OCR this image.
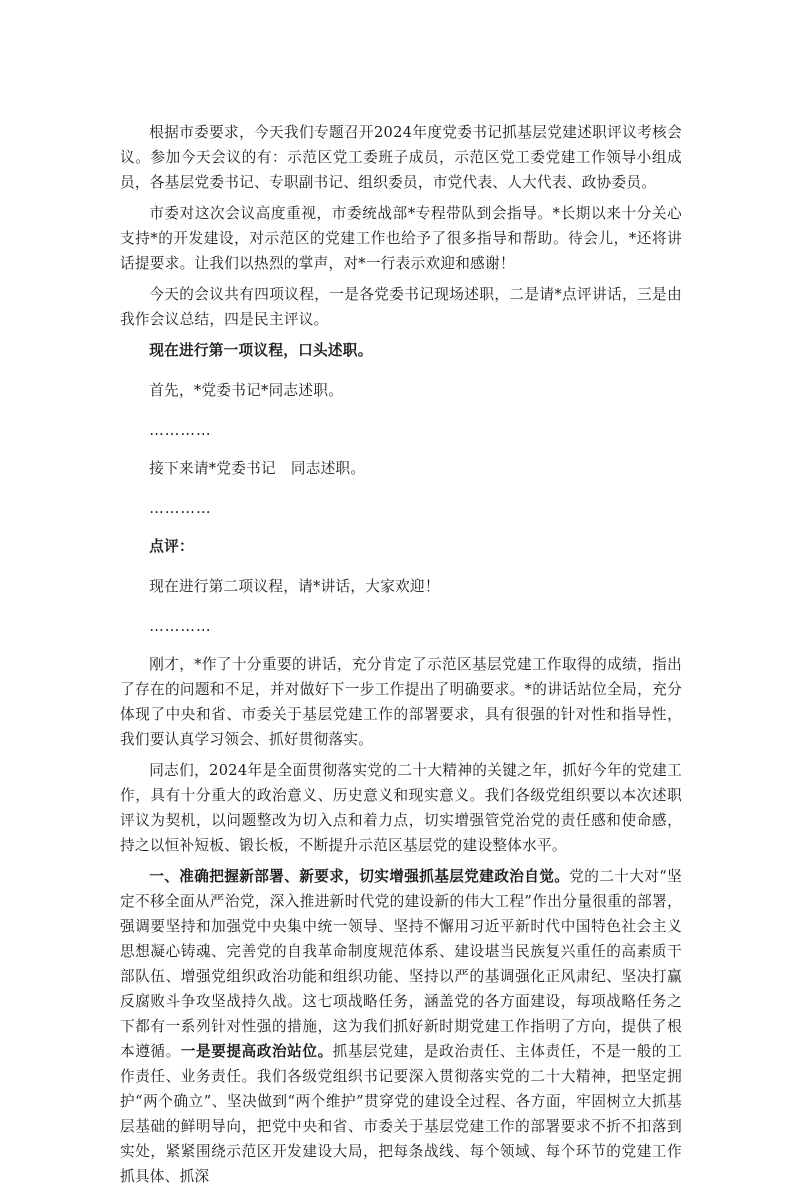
根据市委要求，今天我们专题召开2024年度党委书记抓基层党建述职评议考核会议。参加今天会议的有：示范区党工委班子成员，示范区党工委党建工作领导小组成员，各基层党委书记、专职副书记、组织委员，市党代表、人大代表、政协委员。

市委对这次会议高度重视，市委统战部*专程带队到会指导。*长期以来十分关心支持*的开发建设，对示范区的党建工作也给予了很多指导和帮助。待会儿，*还将讲话提要求。让我们以热烈的掌声，对*一行表示欢迎和感谢！

今天的会议共有四项议程，一是各党委书记现场述职，二是请*点评讲话，三是由我作会议总结，四是民主评议。

现在进行第一项议程，口头述职。

首先，*党委书记*同志述职。

…………

接下来请*党委书记　同志述职。

…………

点评：

现在进行第二项议程，请*讲话，大家欢迎！

…………

刚才，*作了十分重要的讲话，充分肯定了示范区基层党建工作取得的成绩，指出了存在的问题和不足，并对做好下一步工作提出了明确要求。*的讲话站位全局，充分体现了中央和省、市委关于基层党建工作的部署要求，具有很强的针对性和指导性，我们要认真学习领会、抓好贯彻落实。

同志们，2024年是全面贯彻落实党的二十大精神的关键之年，抓好今年的党建工作，具有十分重大的政治意义、历史意义和现实意义。我们各级党组织要以本次述职评议为契机，以问题整改为切入点和着力点，切实增强管党治党的责任感和使命感，持之以恒补短板、锻长板，不断提升示范区基层党的建设整体水平。

一、准确把握新部署、新要求，切实增强抓基层党建政治自觉。党的二十大对“坚定不移全面从严治党，深入推进新时代党的建设新的伟大工程”作出分量很重的部署，强调要坚持和加强党中央集中统一领导、坚持不懈用习近平新时代中国特色社会主义思想凝心铸魂、完善党的自我革命制度规范体系、建设堪当民族复兴重任的高素质干部队伍、增强党组织政治功能和组织功能、坚持以严的基调强化正风肃纪、坚决打赢反腐败斗争攻坚战持久战。这七项战略任务，涵盖党的各方面建设，每项战略任务之下都有一系列针对性强的措施，这为我们抓好新时期党建工作指明了方向，提供了根本遵循。一是要提高政治站位。抓基层党建，是政治责任、主体责任，不是一般的工作责任、业务责任。我们各级党组织书记要深入贯彻落实党的二十大精神，把坚定拥护“两个确立”、坚决做到“两个维护”贯穿党的建设全过程、各方面，牢固树立大抓基层基础的鲜明导向，把党中央和省、市委关于基层党建工作的部署要求不折不扣落到实处，紧紧围绕示范区开发建设大局，把每条战线、每个领域、每个环节的党建工作抓具体、抓深
